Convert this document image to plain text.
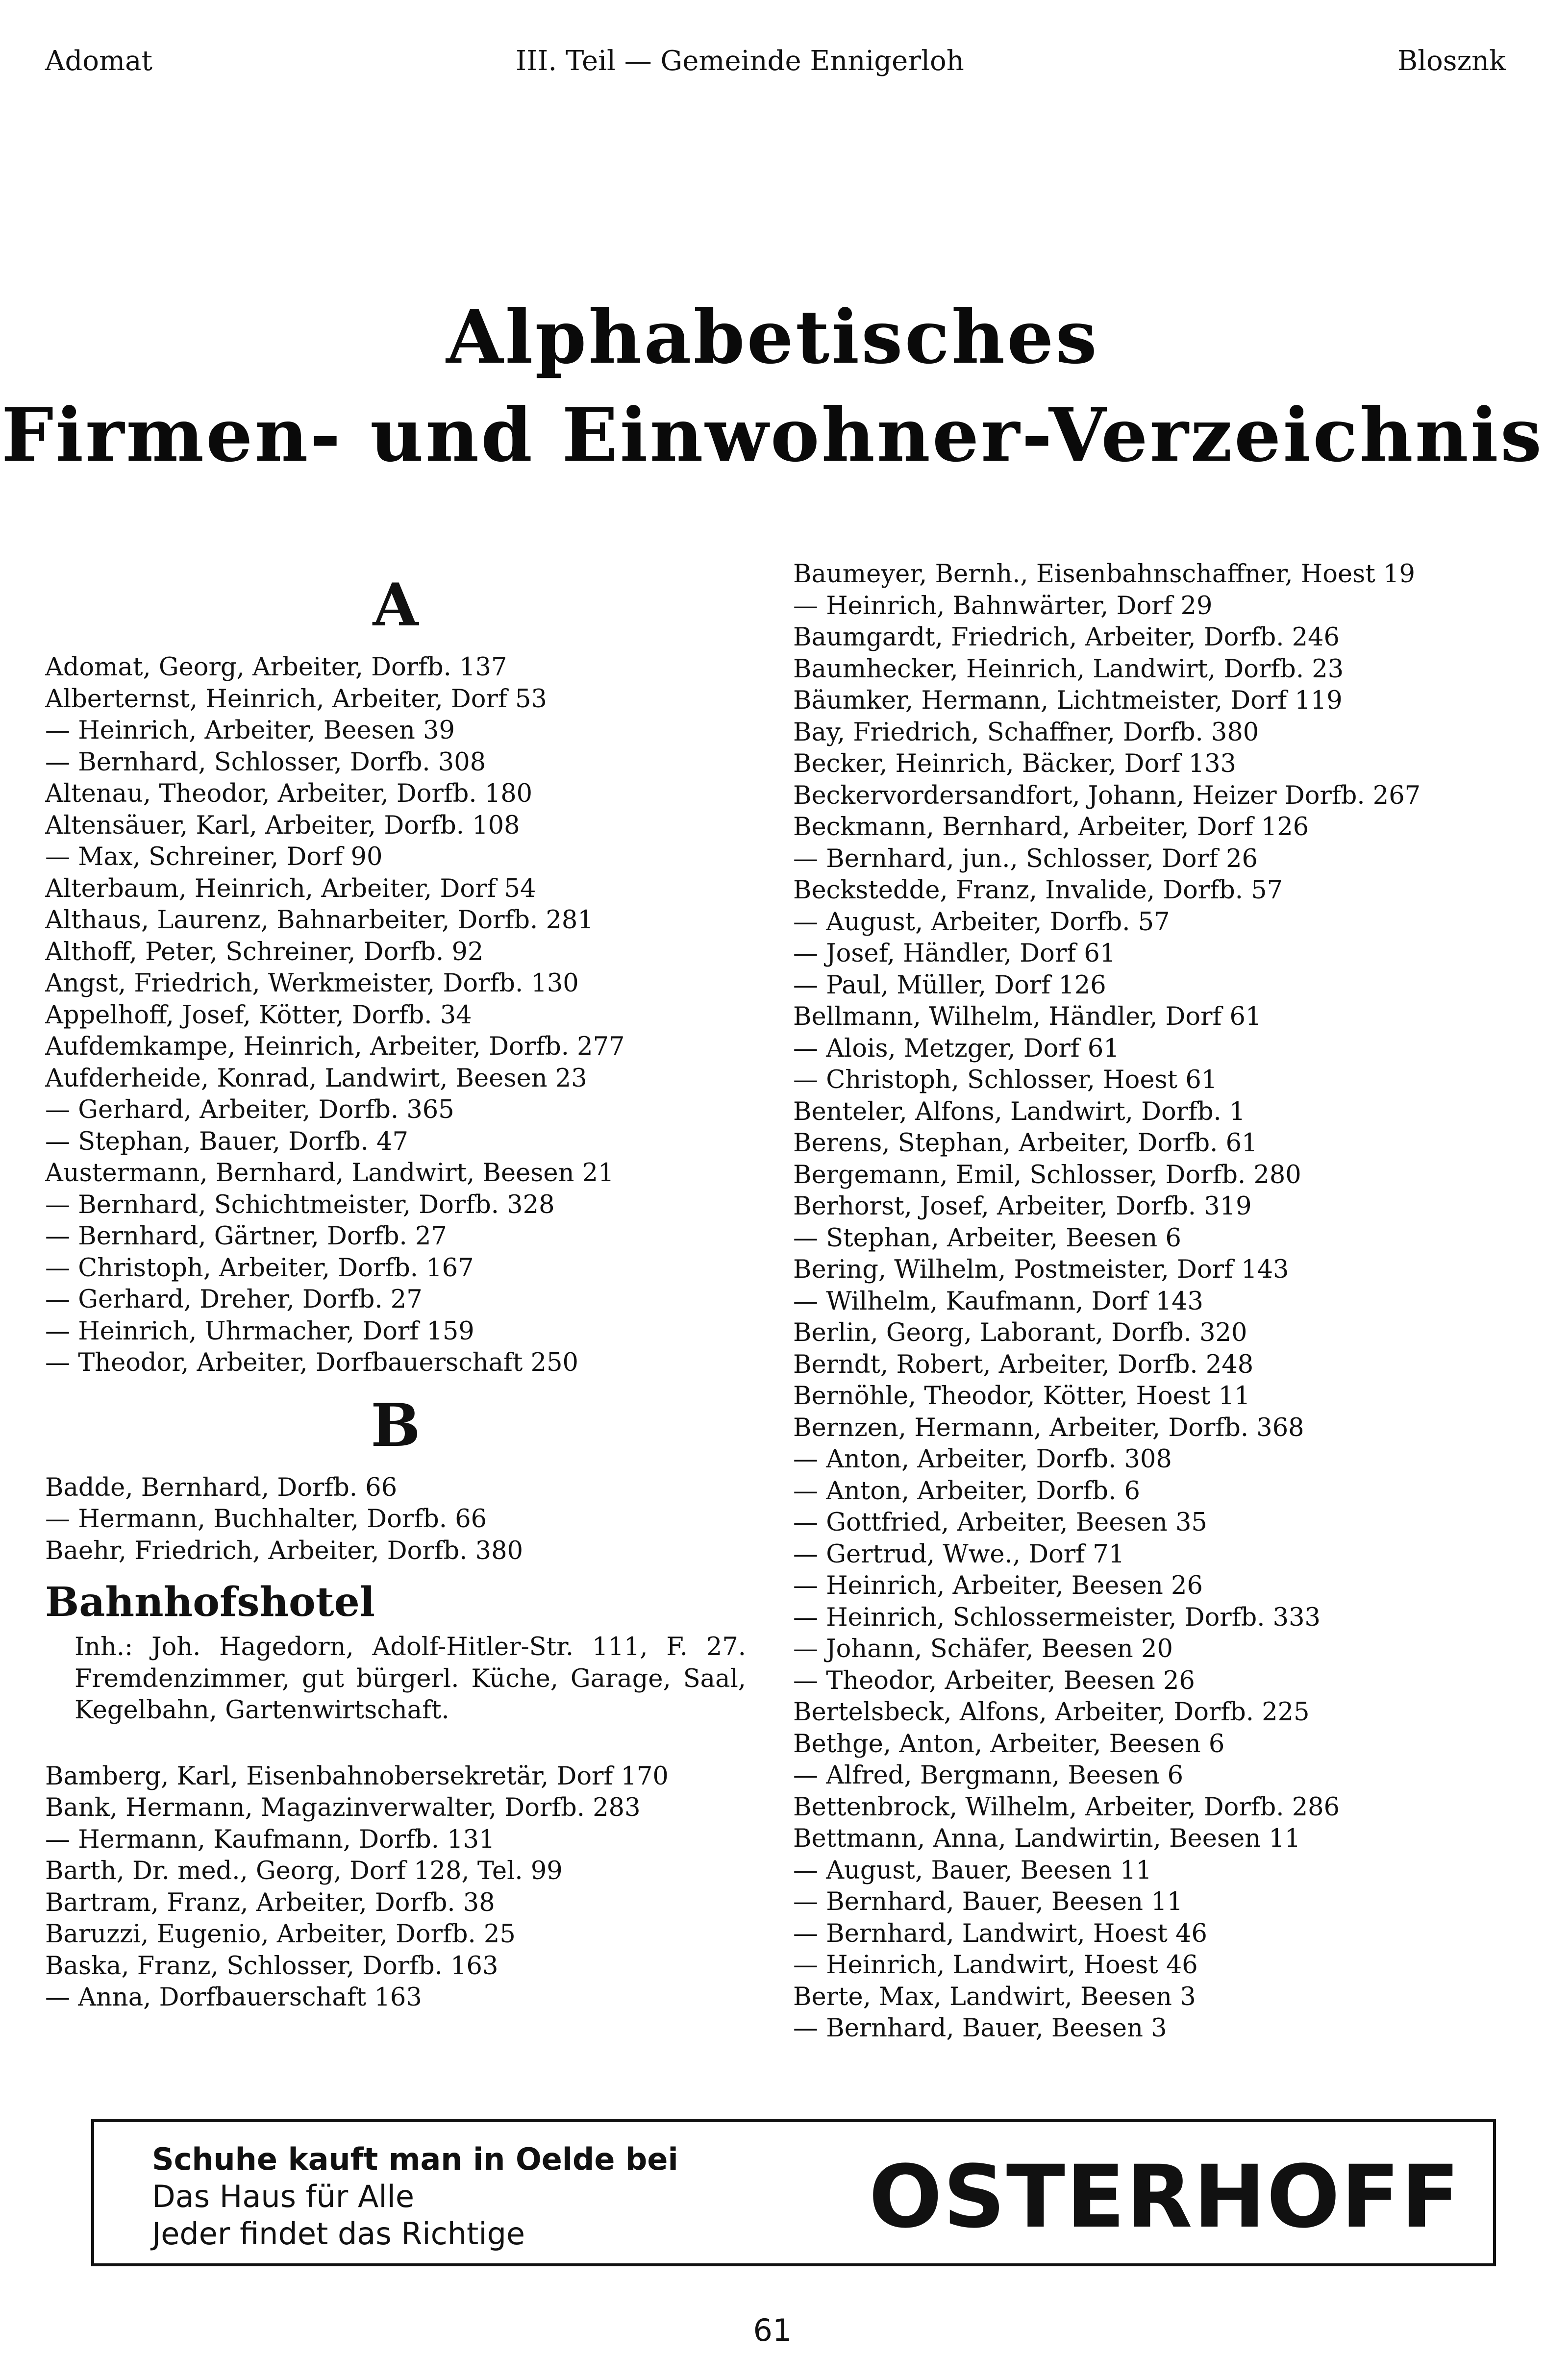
Adomat	III. Teil — Gemeinde Ennigerloh	Blosznk
Alphabetisches
Firmen- und Einwohner-Verzeichnis
A
Adomat, Georg, Arbeiter, Dorfb. 137
Alberternst, Heinrich, Arbeiter, Dorf 53
— Heinrich, Arbeiter, Beesen 39
— Bernhard, Schlosser, Dorfb. 308
Altenau, Theodor, Arbeiter, Dorfb. 180
Altensäuer, Karl, Arbeiter, Dorfb. 108
— Max, Schreiner, Dorf 90
Alterbaum, Heinrich, Arbeiter, Dorf 54
Althaus, Laurenz, Bahnarbeiter, Dorfb. 281
Althoff, Peter, Schreiner, Dorfb. 92
Angst, Friedrich, Werkmeister, Dorfb. 130
Appelhoff, Josef, Kötter, Dorfb. 34
Aufdemkampe, Heinrich, Arbeiter, Dorfb. 277
Aufderheide, Konrad, Landwirt, Beesen 23
— Gerhard, Arbeiter, Dorfb. 365
— Stephan, Bauer, Dorfb. 47
Austermann, Bernhard, Landwirt, Beesen 21
— Bernhard, Schichtmeister, Dorfb. 328
— Bernhard, Gärtner, Dorfb. 27
— Christoph, Arbeiter, Dorfb. 167
— Gerhard, Dreher, Dorfb. 27
— Heinrich, Uhrmacher, Dorf 159
— Theodor, Arbeiter, Dorfbauerschaft 250
B
Badde, Bernhard, Dorfb. 66
— Hermann, Buchhalter, Dorfb. 66
Baehr, Friedrich, Arbeiter, Dorfb. 380
Bahnhofshotel
Inh.: Joh. Hagedorn, Adolf-Hitler-Str. 111, F. 27. Fremdenzimmer, gut bürgerl. Küche, Garage, Saal, Kegelbahn, Gartenwirtschaft.
Bamberg, Karl, Eisenbahnobersekretär, Dorf 170
Bank, Hermann, Magazinverwalter, Dorfb. 283
— Hermann, Kaufmann, Dorfb. 131
Barth, Dr. med., Georg, Dorf 128, Tel. 99
Bartram, Franz, Arbeiter, Dorfb. 38
Baruzzi, Eugenio, Arbeiter, Dorfb. 25
Baska, Franz, Schlosser, Dorfb. 163
— Anna, Dorfbauerschaft 163
Baumeyer, Bernh., Eisenbahnschaffner, Hoest 19
— Heinrich, Bahnwärter, Dorf 29
Baumgardt, Friedrich, Arbeiter, Dorfb. 246
Baumhecker, Heinrich, Landwirt, Dorfb. 23
Bäumker, Hermann, Lichtmeister, Dorf 119
Bay, Friedrich, Schaffner, Dorfb. 380
Becker, Heinrich, Bäcker, Dorf 133
Beckervordersandfort, Johann, Heizer Dorfb. 267
Beckmann, Bernhard, Arbeiter, Dorf 126
— Bernhard, jun., Schlosser, Dorf 26
Beckstedde, Franz, Invalide, Dorfb. 57
— August, Arbeiter, Dorfb. 57
— Josef, Händler, Dorf 61
— Paul, Müller, Dorf 126
Bellmann, Wilhelm, Händler, Dorf 61
— Alois, Metzger, Dorf 61
— Christoph, Schlosser, Hoest 61
Benteler, Alfons, Landwirt, Dorfb. 1
Berens, Stephan, Arbeiter, Dorfb. 61
Bergemann, Emil, Schlosser, Dorfb. 280
Berhorst, Josef, Arbeiter, Dorfb. 319
— Stephan, Arbeiter, Beesen 6
Bering, Wilhelm, Postmeister, Dorf 143
— Wilhelm, Kaufmann, Dorf 143
Berlin, Georg, Laborant, Dorfb. 320
Berndt, Robert, Arbeiter, Dorfb. 248
Bernöhle, Theodor, Kötter, Hoest 11
Bernzen, Hermann, Arbeiter, Dorfb. 368
— Anton, Arbeiter, Dorfb. 308
— Anton, Arbeiter, Dorfb. 6
— Gottfried, Arbeiter, Beesen 35
— Gertrud, Wwe., Dorf 71
— Heinrich, Arbeiter, Beesen 26
— Heinrich, Schlossermeister, Dorfb. 333
— Johann, Schäfer, Beesen 20
— Theodor, Arbeiter, Beesen 26
Bertelsbeck, Alfons, Arbeiter, Dorfb. 225
Bethge, Anton, Arbeiter, Beesen 6
— Alfred, Bergmann, Beesen 6
Bettenbrock, Wilhelm, Arbeiter, Dorfb. 286
Bettmann, Anna, Landwirtin, Beesen 11
— August, Bauer, Beesen 11
— Bernhard, Bauer, Beesen 11
— Bernhard, Landwirt, Hoest 46
— Heinrich, Landwirt, Hoest 46
Berte, Max, Landwirt, Beesen 3
— Bernhard, Bauer, Beesen 3
Schuhe kauft man in Oelde bei
Das Haus für Alle
Jeder findet das Richtige	OSTERHOFF
61
